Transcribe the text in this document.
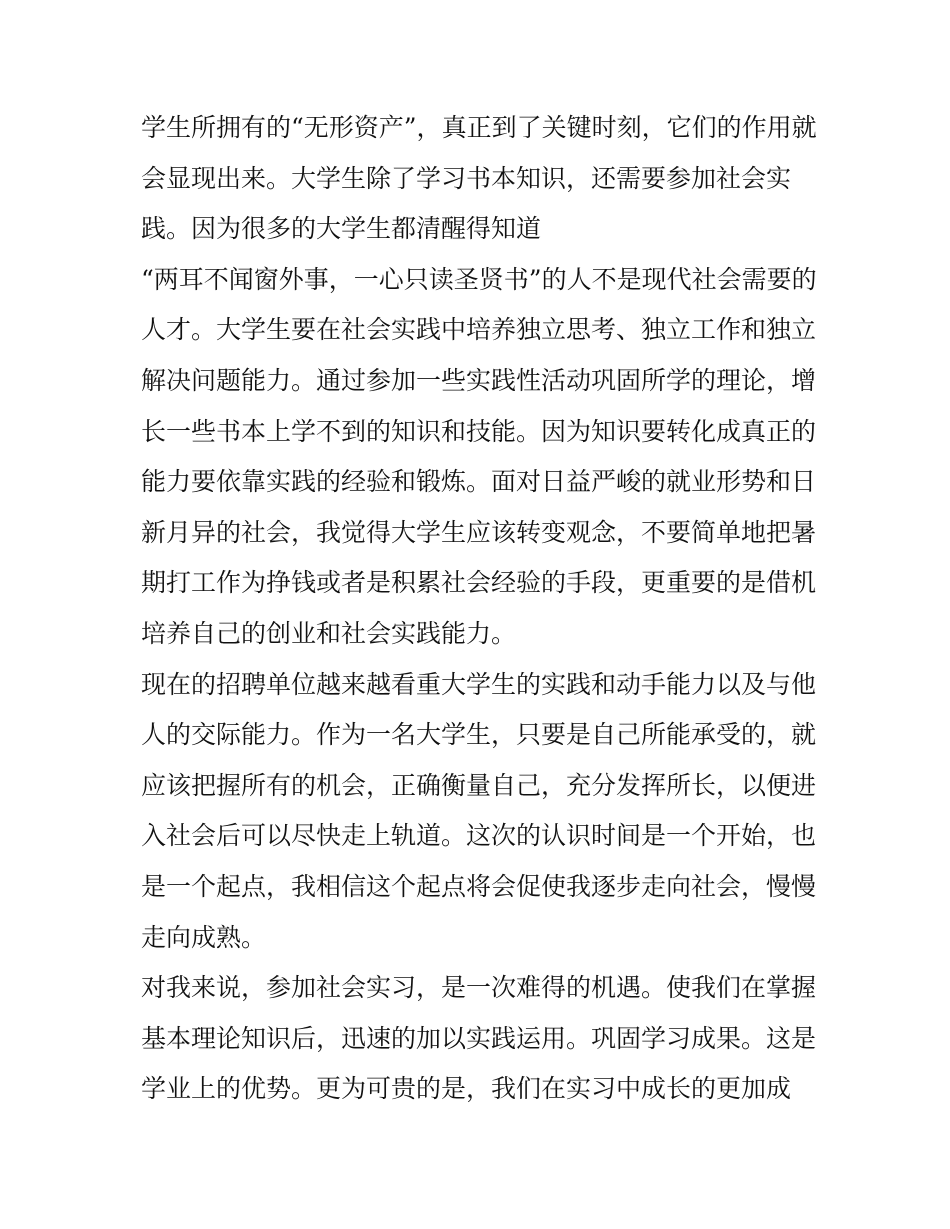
学生所拥有的“无形资产”，真正到了关键时刻，它们的作用就
会显现出来。大学生除了学习书本知识，还需要参加社会实
践。因为很多的大学生都清醒得知道
“两耳不闻窗外事，一心只读圣贤书”的人不是现代社会需要的
人才。大学生要在社会实践中培养独立思考、独立工作和独立
解决问题能力。通过参加一些实践性活动巩固所学的理论，增
长一些书本上学不到的知识和技能。因为知识要转化成真正的
能力要依靠实践的经验和锻炼。面对日益严峻的就业形势和日
新月异的社会，我觉得大学生应该转变观念，不要简单地把暑
期打工作为挣钱或者是积累社会经验的手段，更重要的是借机
培养自己的创业和社会实践能力。
现在的招聘单位越来越看重大学生的实践和动手能力以及与他
人的交际能力。作为一名大学生，只要是自己所能承受的，就
应该把握所有的机会，正确衡量自己，充分发挥所长，以便进
入社会后可以尽快走上轨道。这次的认识时间是一个开始，也
是一个起点，我相信这个起点将会促使我逐步走向社会，慢慢
走向成熟。
对我来说，参加社会实习，是一次难得的机遇。使我们在掌握
基本理论知识后，迅速的加以实践运用。巩固学习成果。这是
学业上的优势。更为可贵的是，我们在实习中成长的更加成
